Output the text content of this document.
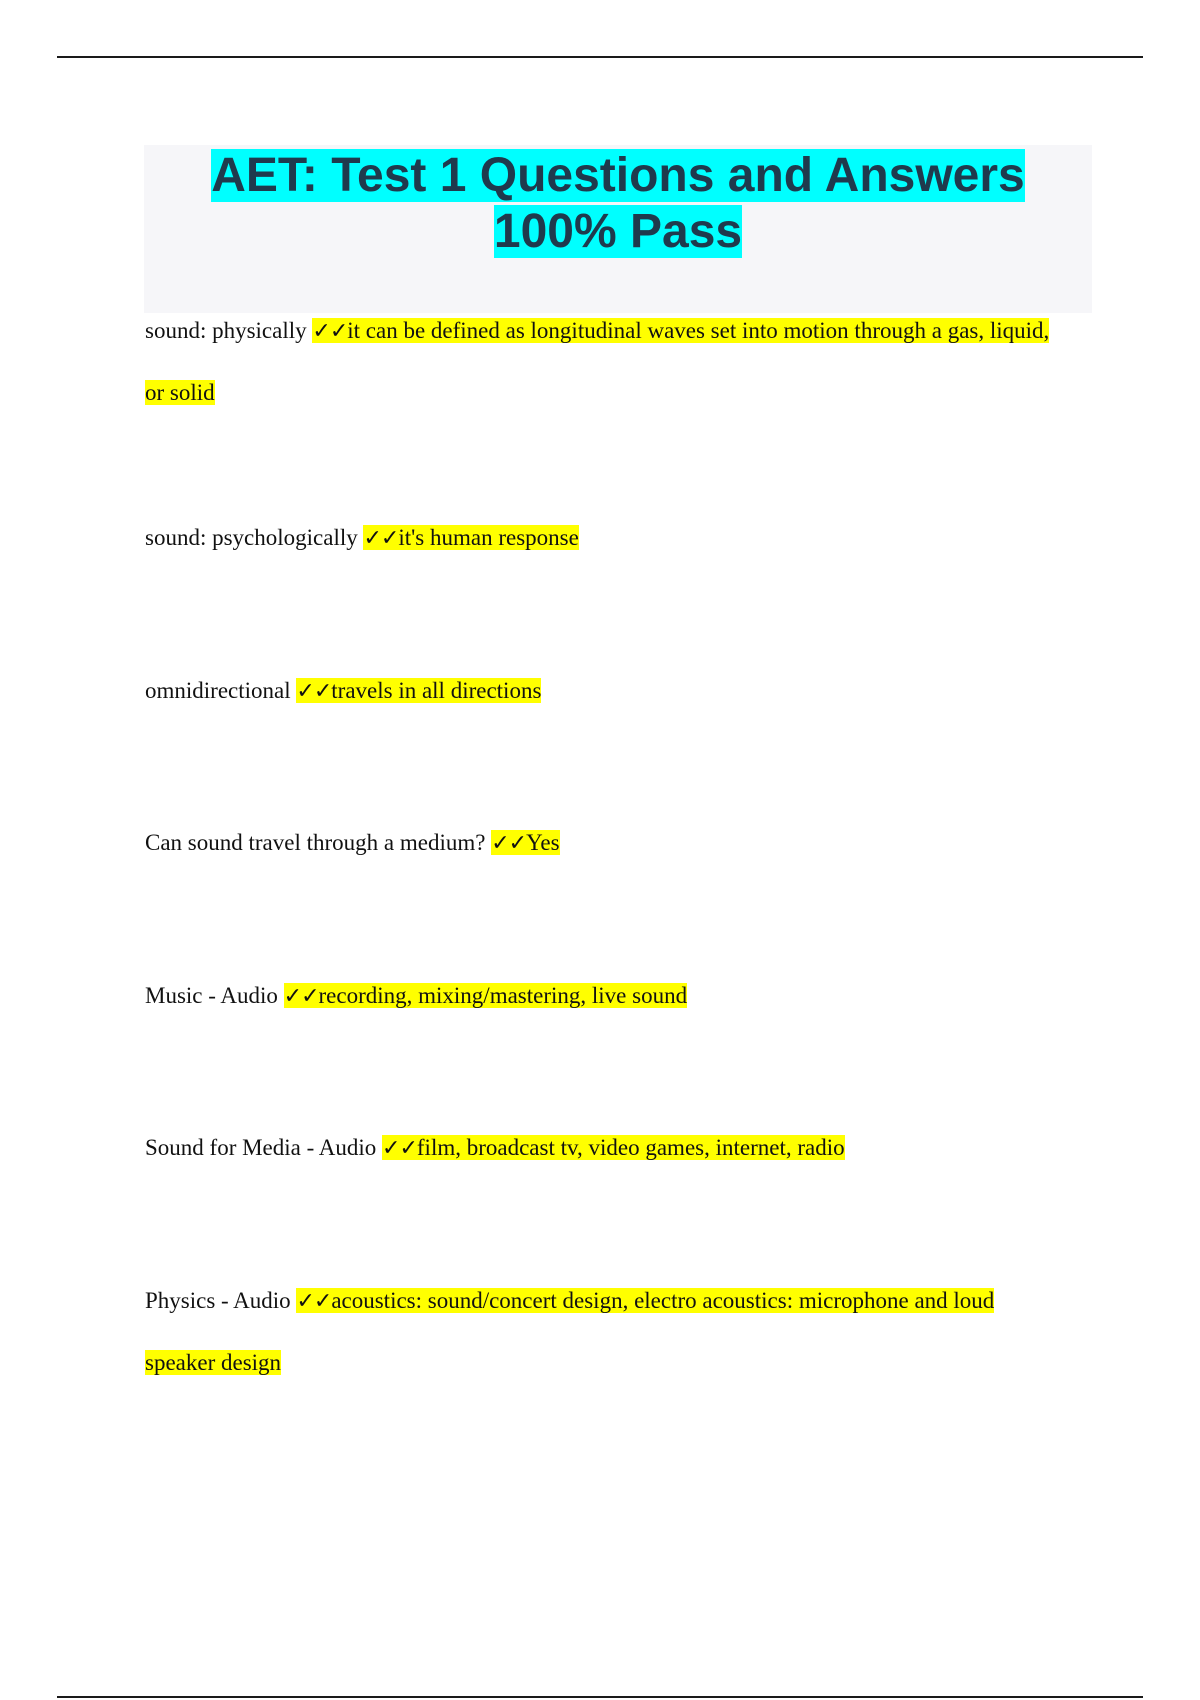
AET: Test 1 Questions and Answers
100% Pass
sound: physically ✓✓it can be defined as longitudinal waves set into motion through a gas, liquid, or solid
sound: psychologically ✓✓it's human response
omnidirectional ✓✓travels in all directions
Can sound travel through a medium? ✓✓Yes
Music - Audio ✓✓recording, mixing/mastering, live sound
Sound for Media - Audio ✓✓film, broadcast tv, video games, internet, radio
Physics - Audio ✓✓acoustics: sound/concert design, electro acoustics: microphone and loud speaker design
